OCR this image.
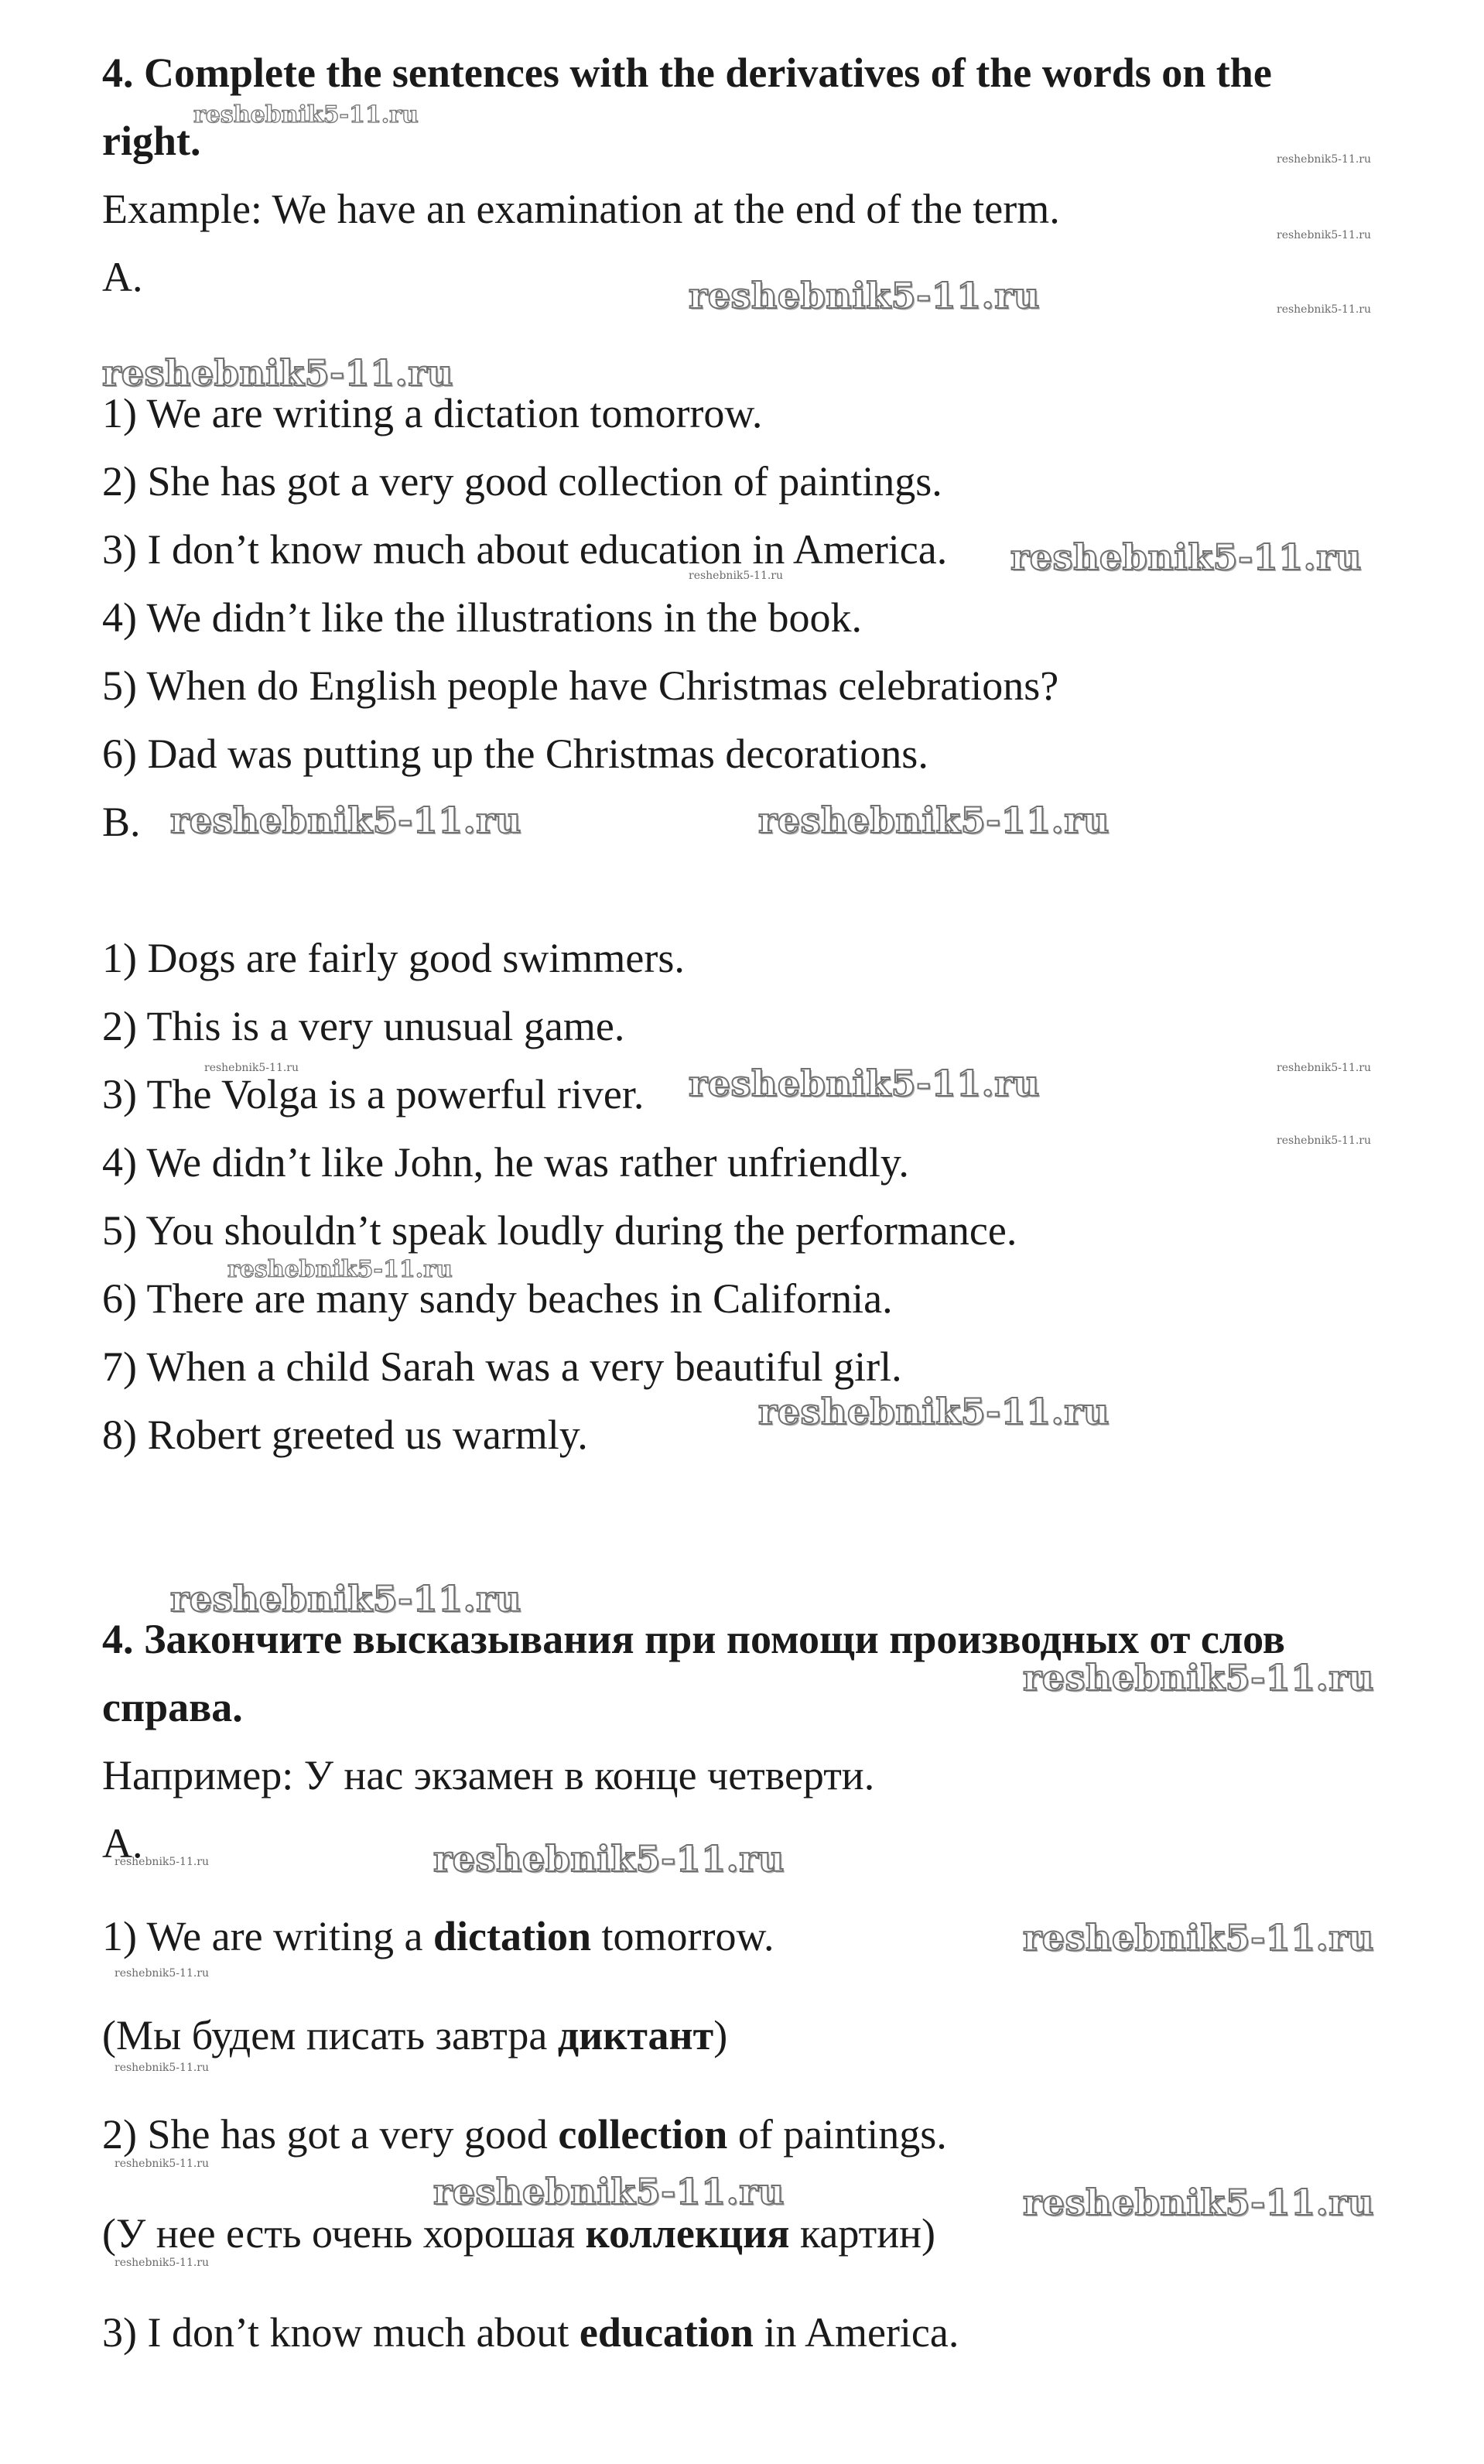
4. Complete the sentences with the derivatives of the words on the
right.
Example: We have an examination at the end of the term.
A.
1) We are writing a dictation tomorrow.
2) She has got a very good collection of paintings.
3) I don’t know much about education in America.
4) We didn’t like the illustrations in the book.
5) When do English people have Christmas celebrations?
6) Dad was putting up the Christmas decorations.
B.
1) Dogs are fairly good swimmers.
2) This is a very unusual game.
3) The Volga is a powerful river.
4) We didn’t like John, he was rather unfriendly.
5) You shouldn’t speak loudly during the performance.
6) There are many sandy beaches in California.
7) When a child Sarah was a very beautiful girl.
8) Robert greeted us warmly.
4. Закончите высказывания при помощи производных от слов
справа.
Например: У нас экзамен в конце четверти.
А.
1) We are writing a dictation tomorrow.
(Мы будем писать завтра диктант)
2) She has got a very good collection of paintings.
(У нее есть очень хорошая коллекция картин)
3) I don’t know much about education in America.
reshebnik5-11.ru
reshebnik5-11.ru
reshebnik5-11.ru
reshebnik5-11.ru
reshebnik5-11.ru
reshebnik5-11.ru
reshebnik5-11.ru
reshebnik5-11.ru
reshebnik5-11.ru	reshebnik5-11.ru
reshebnik5-11.ru	reshebnik5-11.ru
reshebnik5-11.ru
reshebnik5-11.ru
reshebnik5-11.ru
reshebnik5-11.ru
reshebnik5-11.ru
reshebnik5-11.ru
reshebnik5-11.ru	reshebnik5-11.ru
reshebnik5-11.ru
reshebnik5-11.ru
reshebnik5-11.ru
reshebnik5-11.ru
reshebnik5-11.ru	reshebnik5-11.ru
reshebnik5-11.ru
